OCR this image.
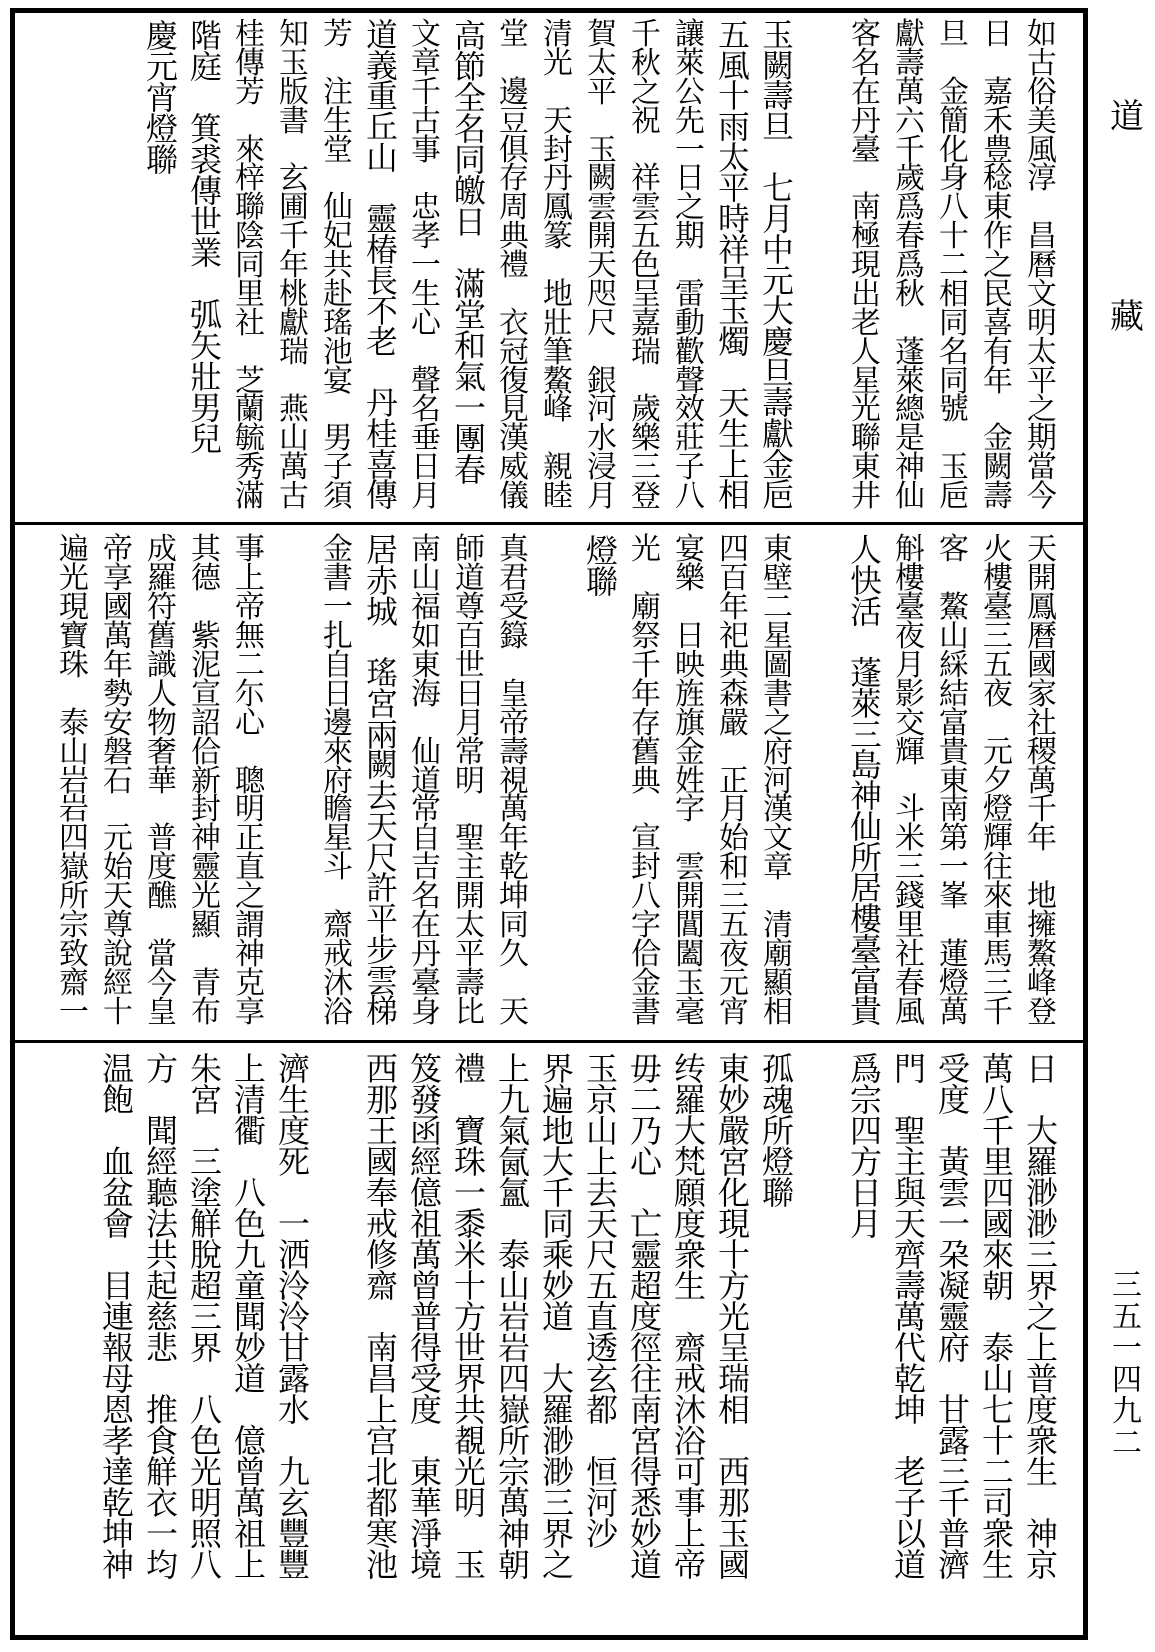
如
古
俗
美
風
淳

昌
曆
文
明
太
平
之
期
當
今
日

嘉
禾
豊
稔
東
作
之
民
喜
有
年

金
闕
壽
旦

金
簡
化
身
八
十
二
相
同
名
同
號

玉
巵
獻
壽
萬
六
千
歲
爲
春
爲
秋

蓬
萊
總
是
神
仙
客
名
在
丹
臺

南
極
現
出
老
人
星
光
聯
東
井
玉
闕
壽
旦

七
月
中
元
大
慶
旦
壽
獻
金
巵
五
風
十
雨
太
平
時
祥
呈
玉
燭

天
生
上
相
讓
萊
公
先
一
日
之
期

雷
動
歡
聲
效
莊
子
八
千
秋
之
祝

祥
雲
五
色
呈
嘉
瑞

歲
樂
三
登
賀
太
平

玉
闕
雲
開
天
咫
尺

銀
河
水
浸
月
清
光

天
封
丹
鳳
篆

地
壯
筆
鰲
峰

親
睦
堂

邊
豆
俱
存
周
典
禮

衣
冠
復
見
漢
威
儀
高
節
全
名
同
皦
日

滿
堂
和
氣
一
團
春
文
章
千
古
事

忠
孝
一
生
心

聲
名
垂
日
月
道
義
重
丘
山

靈
椿
長
不
老

丹
桂
喜
傳
芳

注
生
堂

仙
妃
共
赴
瑤
池
宴

男
子
須
知
玉
版
書

玄
圃
千
年
桃
獻
瑞

燕
山
萬
古
桂
傳
芳

來
梓
聯
陰
同
里
社

芝
蘭
毓
秀
滿
階
庭

箕
裘
傳
世
業

弧
矢
壯
男
兒
慶
元
宵
燈
聯
天
開
鳳
曆
國
家
社
稷
萬
千
年

地
擁
鰲
峰
登
火
樓
臺
三
五
夜

元
夕
燈
輝
往
來
車
馬
三
千
客

鰲
山
綵
結
富
貴
東
南
第
一
峯

蓮
燈
萬
斛
樓
臺
夜
月
影
交
輝

斗
米
三
錢
里
社
春
風
人
快
活

蓬
萊
三
島
神
仙
所
居
樓
臺
富
貴
東
壁
二
星
圖
書
之
府
河
漢
文
章

清
廟
顯
相
四
百
年
祀
典
森
嚴

正
月
始
和
三
五
夜
元
宵
宴
樂

日
映
旌
旗
金
姓
字

雲
開
閶
闔
玉
毫
光

廟
祭
千
年
存
舊
典

宣
封
八
字
佮
金
書
燈
聯
真
君
受
籙

皇
帝
壽
視
萬
年
乾
坤
同
久

天
師
道
尊
百
世
日
月
常
明

聖
主
開
太
平
壽
比
南
山
福
如
東
海

仙
道
常
自
吉
名
在
丹
臺
身
居
赤
城

瑤
宮
兩
闕
去
天
尺
許
平
步
雲
梯
金
書
一
扎
自
日
邊
來
府
瞻
星
斗

齋
戒
沐
浴
事
上
帝
無
二
尓
心

聰
明
正
直
之
謂
神
克
享
其
德

紫
泥
宣
詔
佮
新
封
神
靈
光
顯

青
布
成
羅
符
舊
識
人
物
奢
華

普
度
醮

當
今
皇
帝
享
國
萬
年
勢
安
磐
石

元
始
天
尊
說
經
十
遍
光
現
寶
珠

泰
山
岩
岩
四
嶽
所
宗
致
齋
一
日

大
羅
渺
渺
三
界
之
上
普
度
衆
生

神
京
萬
八
千
里
四
國
來
朝

泰
山
七
十
二
司
衆
生
受
度

黃
雲
一
朶
凝
靈
府

甘
露
三
千
普
濟
門

聖
主
與
天
齊
壽
萬
代
乾
坤

老
子
以
道
爲
宗
四
方
日
月
孤
魂
所
燈
聯
東
妙
嚴
宮
化
現
十
方
光
呈
瑞
相

西
那
玉
國
䌸
羅
大
梵
願
度
衆
生

齋
戒
沐
浴
可
事
上
帝
毋
二
乃
心

亡
靈
超
度
徑
往
南
宮
得
悉
妙
道
玉
京
山
上
去
天
尺
五
直
透
玄
都

恒
河
沙
界
遍
地
大
千
同
乘
妙
道

大
羅
渺
渺
三
界
之
上
九
氣
氤
氳

泰
山
岩
岩
四
嶽
所
宗
萬
神
朝
禮

寶
珠
一
黍
米
十
方
世
界
共
覩
光
明

玉
笈
發
函
經
億
祖
萬
曾
普
得
受
度

東
華
淨
境
西
那
王
國
奉
戒
修
齋

南
昌
上
宫
北
都
寒
池
濟
生
度
死

一
洒
泠
泠
甘
露
水

九
玄
豐
豐
上
清
衢

八
色
九
童
聞
妙
道

億
曾
萬
祖
上
朱
宮

三
塗
觧
脫
超
三
界

八
色
光
明
照
八
方

聞
經
聽
法
共
起
慈
悲

推
食
觧
衣
一
均
温
飽

血
盆
會

目
連
報
母
恩
孝
達
乾
坤
神
道
藏
三
五
一
四
九
二
